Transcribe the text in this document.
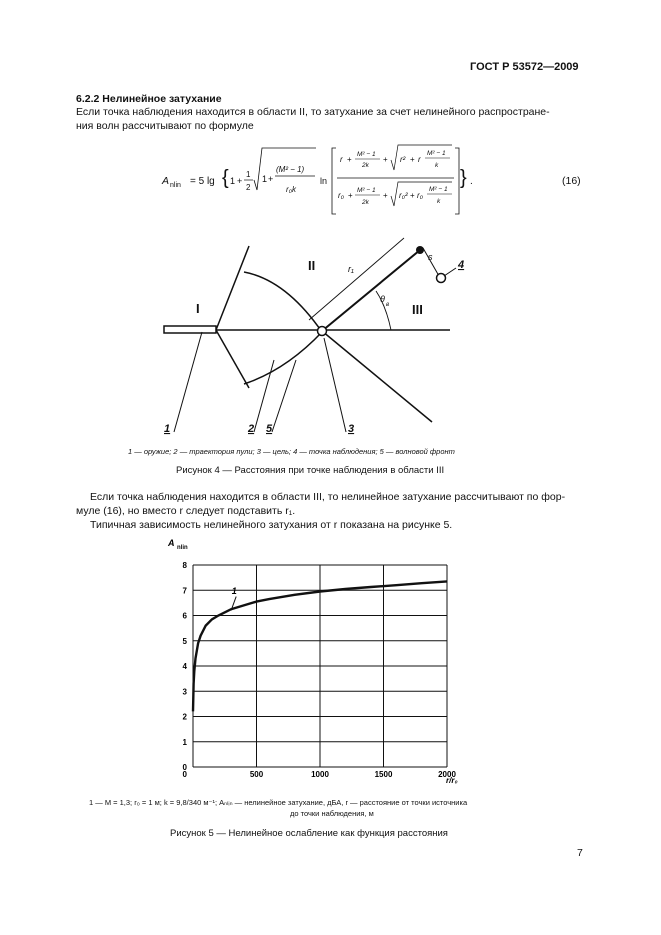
ГОСТ Р 53572—2009
6.2.2 Нелинейное затухание
Если точка наблюдения находится в области II, то затухание за счет нелинейного распростране-
ния волн рассчитывают по формуле
A nlin = 5 lg { 1 +
1
2
1 +
(M² − 1)
r₀k
ln
r +
M² − 1
2k
+ r² + r
M² − 1
k
r₀ +
M² − 1
2k
+ r₀² + r₀
M² − 1
k
} .	(16)
I
II
III
r₁
s
θ
в
1	2 5	3
4
1 — оружие; 2 — траектория пули; 3 — цель; 4 — точка наблюдения; 5 — волновой фронт
Рисунок 4 — Расстояния при точке наблюдения в области III
Если точка наблюдения находится в области III, то нелинейное затухание рассчитывают по фор-
муле (16), но вместо r следует подставить r₁.
Типичная зависимость нелинейного затухания от r показана на рисунке 5.
A nlin
r/r₀
0
1
2
3
4
5
6
7
8
500	1000	1500	2000
0
1
1 — M = 1,3; r₀ = 1 м; k = 9,8/340 м⁻¹; Aₙₗᵢₙ — нелинейное затухание, дБА, r — расстояние от точки источника
до точки наблюдения, м
Рисунок 5 — Нелинейное ослабление как функция расстояния
7
